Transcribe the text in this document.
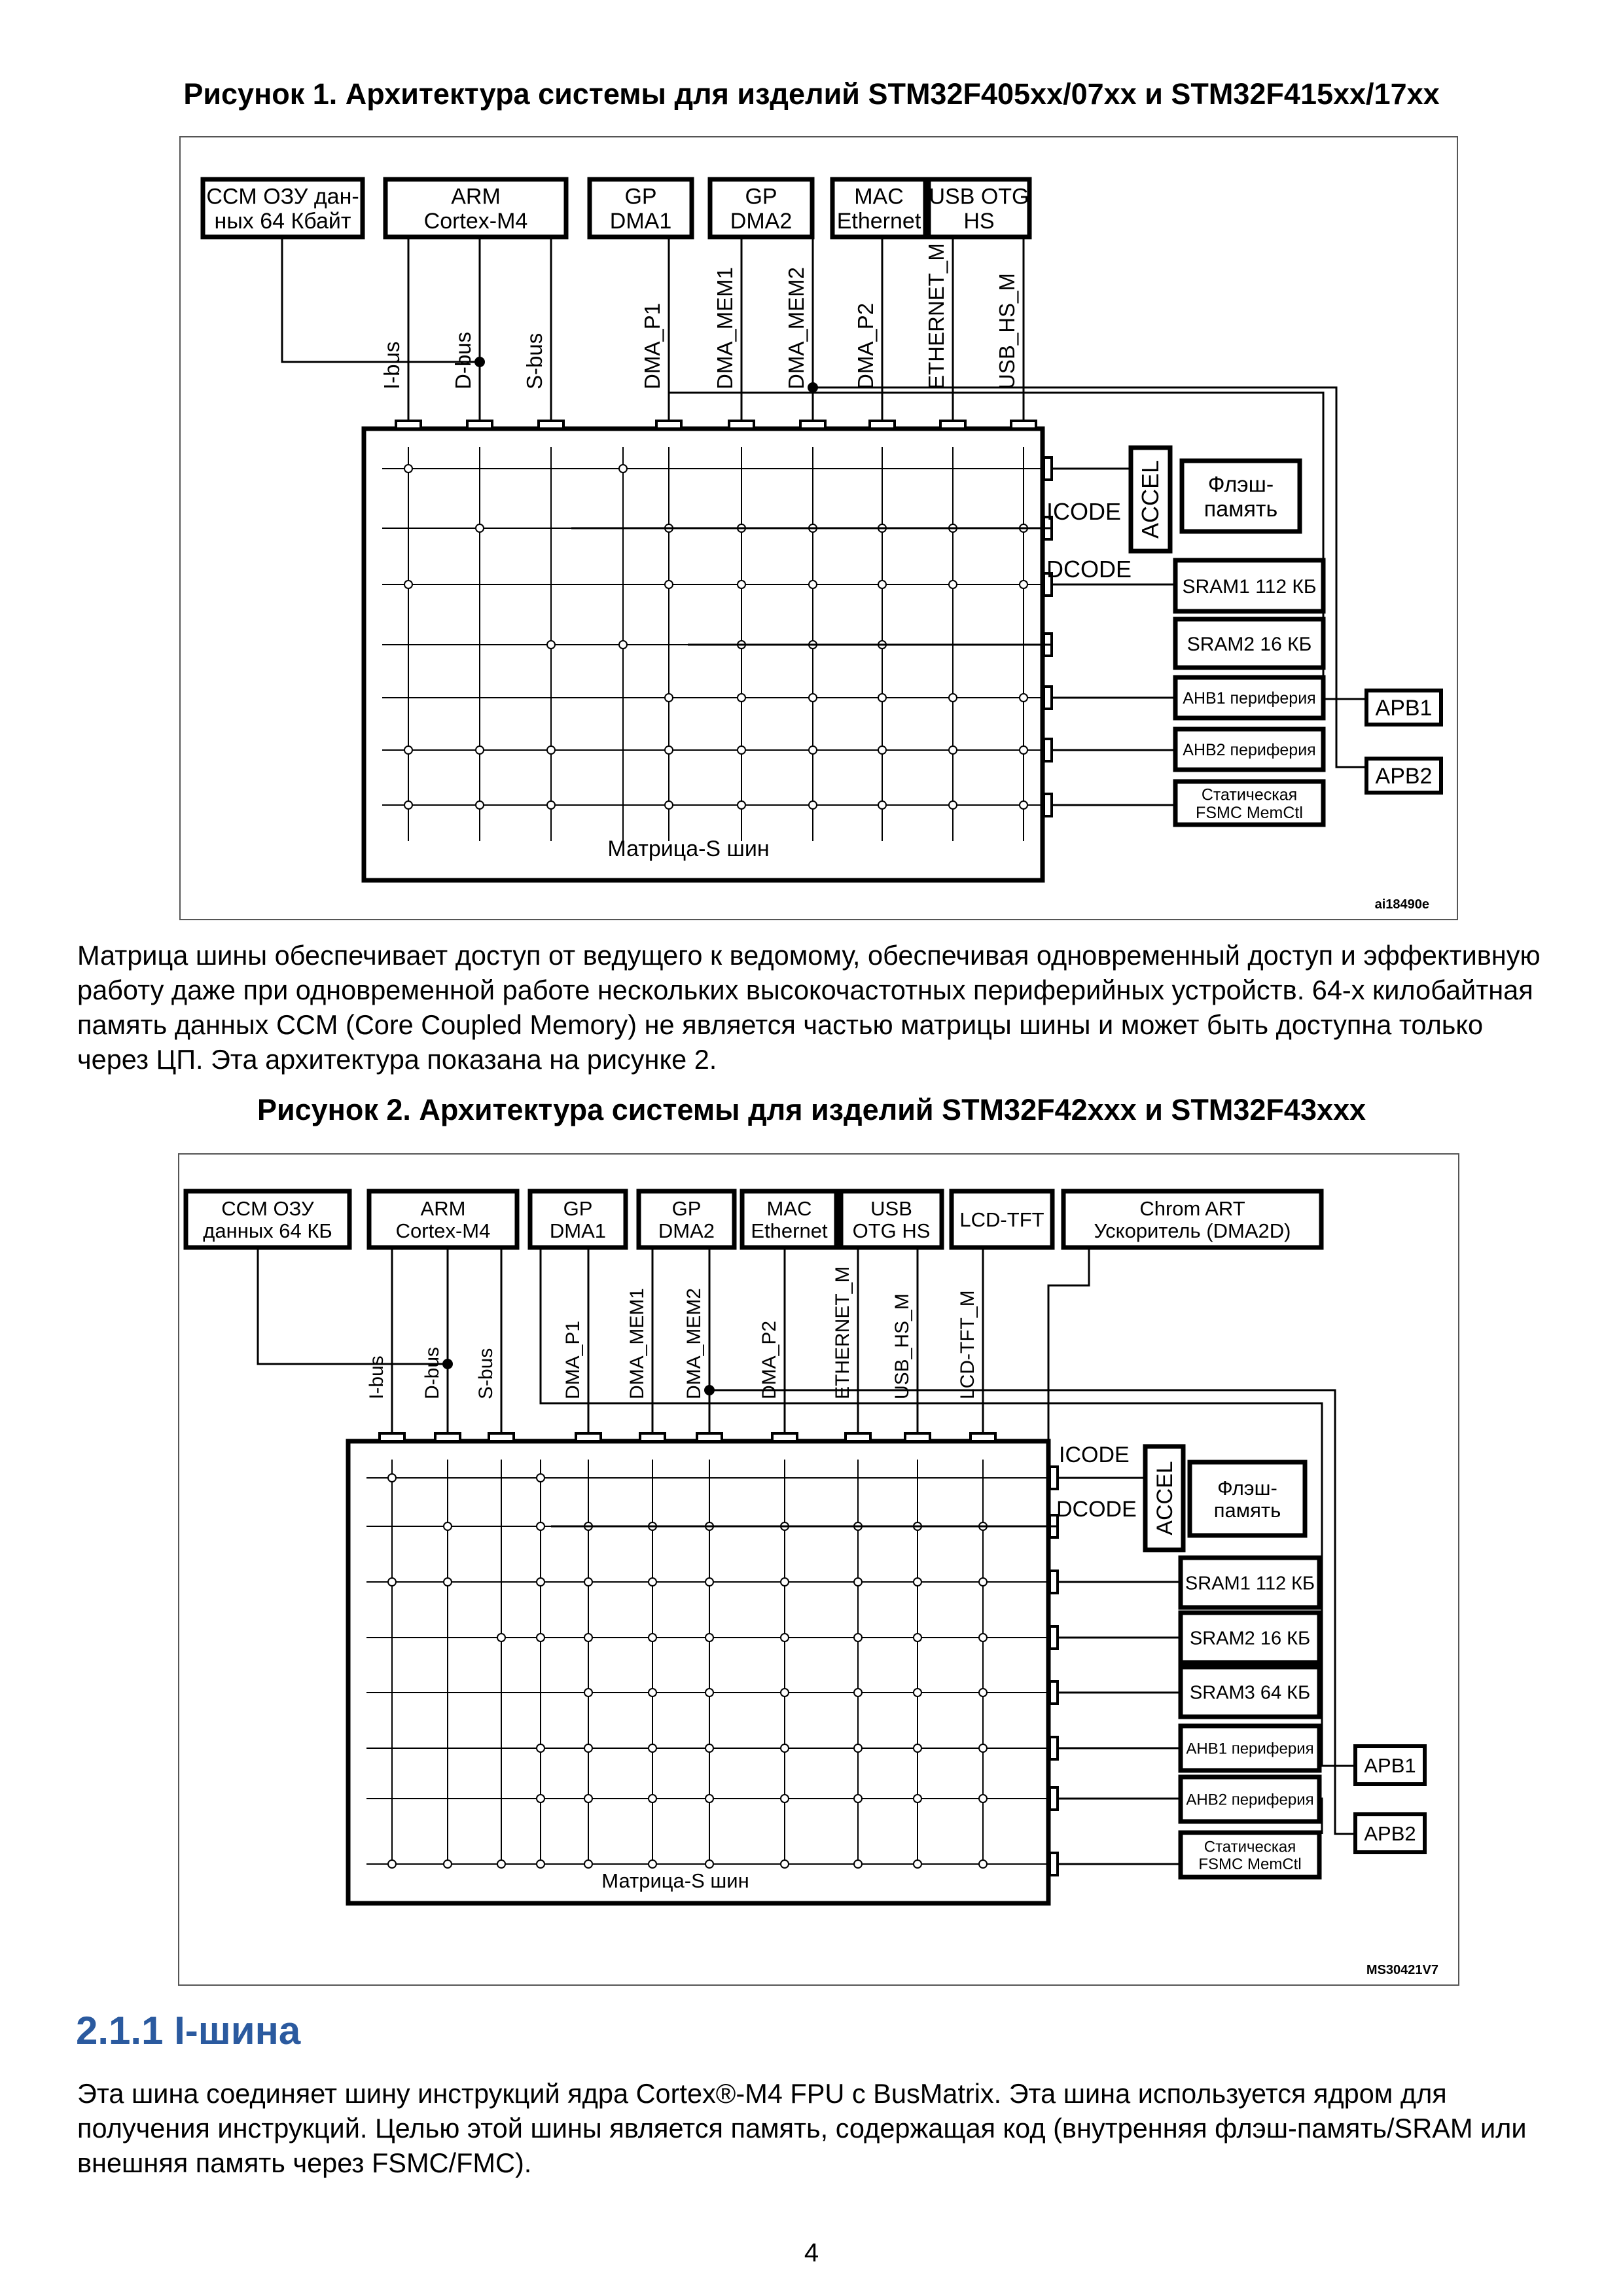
Рисунок 1. Архитектура системы для изделий STM32F405xx/07xx и STM32F415xx/17xx
CCM ОЗУ дан-
ных 64 Кбайт
ARM
Cortex-M4
GP
DMA1
GP
DMA2
MAC
Ethernet
USB OTG
HS
I-bus D-bus S-bus	DMA_P1 DMA_MEM1 DMA_MEM2 DMA_P2 ETHERNET_M USB_HS_M
ICODE
DCODE
ACCEL Флэш-
память
SRAM1 112 КБ
SRAM2 16 КБ
AHB1 периферия
AHB2 периферия
Статическая
FSMC MemCtl
APB1
APB2
Матрица-S шин
ai18490e

Матрица шины обеспечивает доступ от ведущего к ведомому, обеспечивая одновременный доступ и эффективную работу даже при одновременной работе нескольких высокочастотных периферийных устройств. 64-х килобайтная память данных CCM (Core Coupled Memory) не является частью матрицы шины и может быть доступна только через ЦП. Эта архитектура показана на рисунке 2.

Рисунок 2. Архитектура системы для изделий STM32F42xxx и STM32F43xxx
CCM ОЗУ
данных 64 КБ
ARM
Cortex-M4
GP
DMA1
GP
DMA2
MAC
Ethernet
USB
OTG HS LCD-TFT	Chrom ART
Ускоритель (DMA2D)
I-bus D-bus S-bus	DMA_P1 DMA_MEM1 DMA_MEM2	DMA_P2	ETHERNET_M USB_HS_M LCD-TFT_M
ICODE
DCODE ACCEL Флэш-
память
SRAM1 112 КБ
SRAM2 16 КБ
SRAM3 64 КБ
AHB1 периферия
AHB2 периферия
Статическая
FSMC MemCtl
APB1
APB2
Матрица-S шин
MS30421V7
2.1.1 I-шина

Эта шина соединяет шину инструкций ядра Cortex®-M4 FPU с BusMatrix. Эта шина используется ядром для получения инструкций. Целью этой шины является память, содержащая код (внутренняя флэш-память/SRAM или внешняя память через FSMC/FMC).

4
